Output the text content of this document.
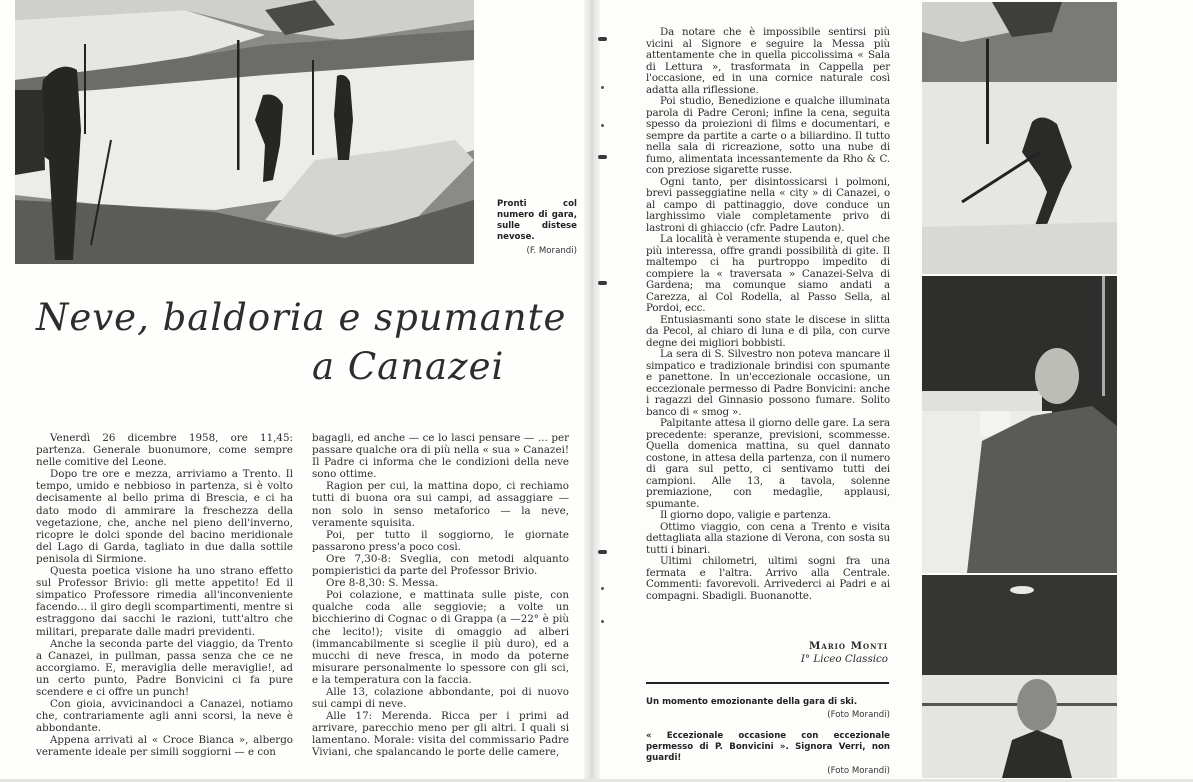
Pronti col numero di gara, sulle distese nevose.
(F. Morandi)
Neve, baldoria e spumante
a Canazei

Venerdì 26 dicembre 1958, ore 11,45: partenza. Generale buonumore, come sempre nelle comitive del Leone.

Dopo tre ore e mezza, arriviamo a Trento. Il tempo, umido e nebbioso in partenza, si è volto decisamente al bello prima di Brescia, e ci ha dato modo di ammirare la freschezza della vegetazione, che, anche nel pieno dell'inverno, ricopre le dolci sponde del bacino meridionale del Lago di Garda, tagliato in due dalla sottile penisola di Sirmione.

Questa poetica visione ha uno strano effetto sul Professor Brivio: gli mette appetito! Ed il simpatico Professore rimedia all'inconveniente facendo... il giro degli scompartimenti, mentre si estraggono dai sacchi le razioni, tutt'altro che militari, preparate dalle madri previdenti.

Anche la seconda parte del viaggio, da Trento a Canazei, in pullman, passa senza che ce ne accorgiamo. E, meraviglia delle meraviglie!, ad un certo punto, Padre Bonvicini ci fa pure scendere e ci offre un punch!

Con gioia, avvicinandoci a Canazei, notiamo che, contrariamente agli anni scorsi, la neve è abbondante.

Appena arrivati al « Croce Bianca », albergo veramente ideale per simili soggiorni — e con

bagagli, ed anche — ce lo lasci pensare — ... per passare qualche ora di più nella « sua » Canazei! Il Padre ci informa che le condizioni della neve sono ottime.

Ragion per cui, la mattina dopo, ci rechiamo tutti di buona ora sui campi, ad assaggiare — non solo in senso metaforico — la neve, veramente squisita.

Poi, per tutto il soggiorno, le giornate passarono press'a poco così.

Ore 7,30-8: Sveglia, con metodi alquanto pompieristici da parte del Professor Brivio.

Ore 8-8,30: S. Messa.

Poi colazione, e mattinata sulle piste, con qualche coda alle seggiovie; a volte un bicchierino di Cognac o di Grappa (a —22° è più che lecito!); visite di omaggio ad alberi (immancabilmente si sceglie il più duro), ed a mucchi di neve fresca, in modo da poterne misurare personalmente lo spessore con gli sci, e la temperatura con la faccia.

Alle 13, colazione abbondante, poi di nuovo sui campi di neve.

Alle 17: Merenda. Ricca per i primi ad arrivare, parecchio meno per gli altri. I quali si lamentano. Morale: visita del commissario Padre Viviani, che spalancando le porte delle camere,

Da notare che è impossibile sentirsi più vicini al Signore e seguire la Messa più attentamente che in quella piccolissima « Sala di Lettura », trasformata in Cappella per l'occasione, ed in una cornice naturale così adatta alla riflessione.

Poi studio, Benedizione e qualche illuminata parola di Padre Ceroni; infine la cena, seguita spesso da proiezioni di films e documentari, e sempre da partite a carte o a biliardino. Il tutto nella sala di ricreazione, sotto una nube di fumo, alimentata incessantemente da Rho & C. con preziose sigarette russe.

Ogni tanto, per disintossicarsi i polmoni, brevi passeggiatine nella « city » di Canazei, o al campo di pattinaggio, dove conduce un larghissimo viale completamente privo di lastroni di ghiaccio (cfr. Padre Lauton).

La località è veramente stupenda e, quel che più interessa, offre grandi possibilità di gite. Il maltempo ci ha purtroppo impedito di compiere la « traversata » Canazei-Selva di Gardena; ma comunque siamo andati a Carezza, al Col Rodella, al Passo Sella, al Pordoi, ecc.

Entusiasmanti sono state le discese in slitta da Pecol, al chiaro di luna e di pila, con curve degne dei migliori bobbisti.

La sera di S. Silvestro non poteva mancare il simpatico e tradizionale brindisi con spumante e panettone. In un'eccezionale occasione, un eccezionale permesso di Padre Bonvicini: anche i ragazzi del Ginnasio possono fumare. Solito banco di « smog ».

Palpitante attesa il giorno delle gare. La sera precedente: speranze, previsioni, scommesse. Quella domenica mattina, su quel dannato costone, in attesa della partenza, con il numero di gara sul petto, ci sentivamo tutti dei campioni. Alle 13, a tavola, solenne premiazione, con medaglie, applausi, spumante.

Il giorno dopo, valigie e partenza.

Ottimo viaggio, con cena a Trento e visita dettagliata alla stazione di Verona, con sosta su tutti i binari.

Ultimi chilometri, ultimi sogni fra una fermata e l'altra. Arrivo alla Centrale. Commenti: favorevoli. Arrivederci ai Padri e ai compagni. Sbadigli. Buonanotte.

Mario Monti
I° Liceo Classico
Un momento emozionante della gara di ski.
(Foto Morandi)
« Eccezionale occasione con eccezionale permesso di P. Bonvicini ». Signora Verri, non guardi!
(Foto Morandi)
